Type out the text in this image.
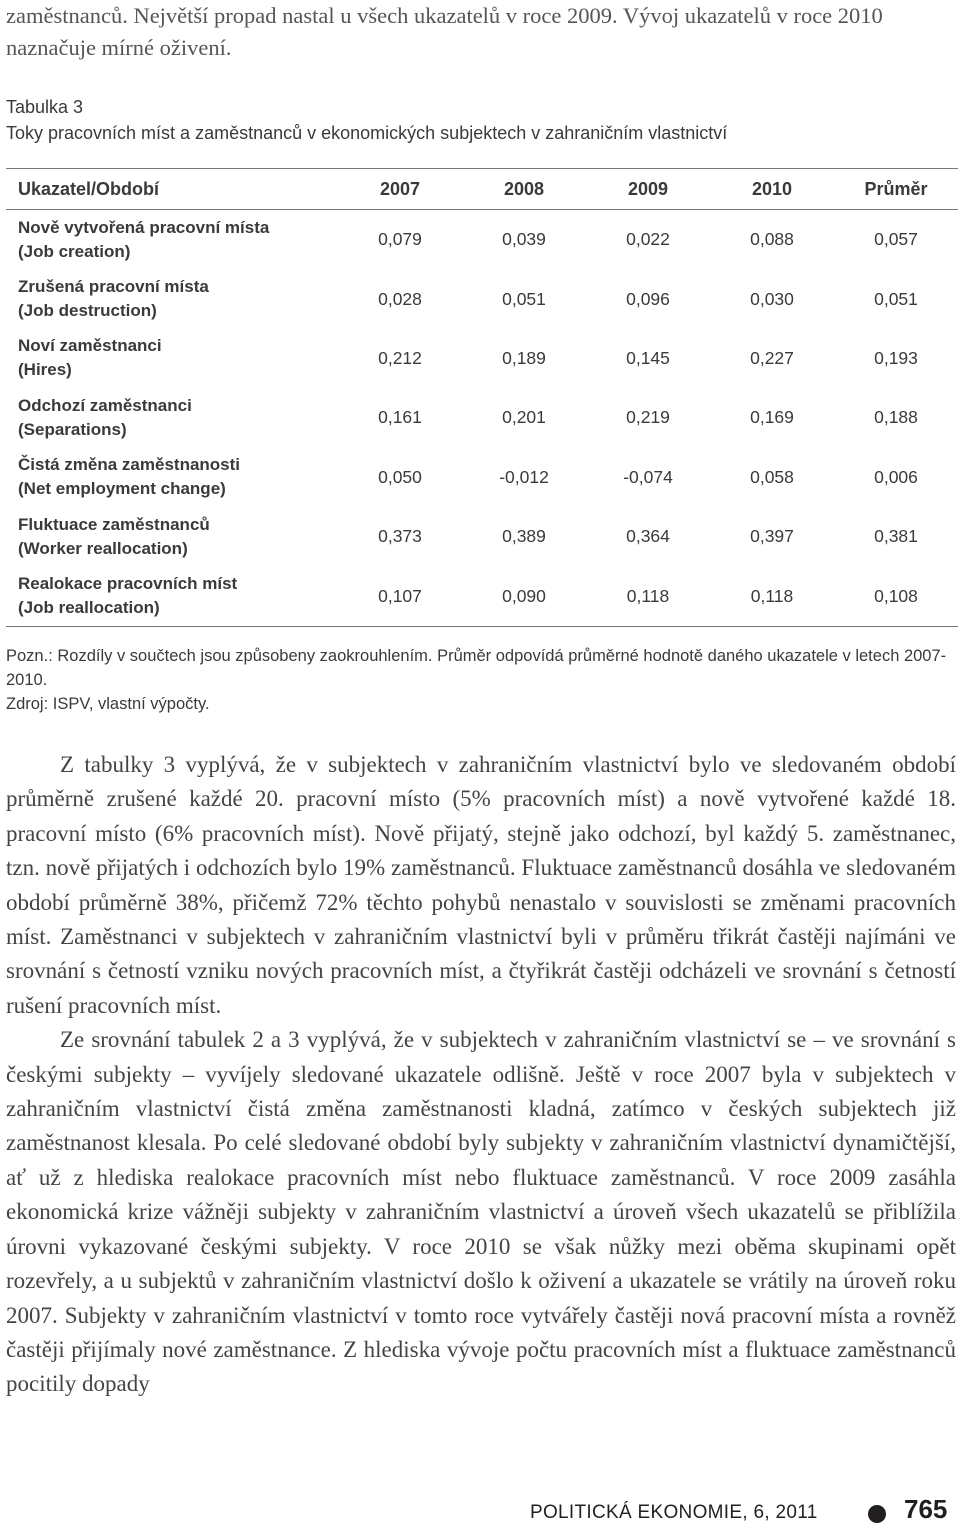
zaměstnanců. Největší propad nastal u všech ukazatelů v roce 2009. Vývoj ukazatelů v roce 2010 naznačuje mírné oživení.

Tabulka 3
Toky pracovních míst a zaměstnanců v ekonomických subjektech v zahraničním vlastnictví
Ukazatel/Období	2007	2008	2009	2010	Průměr

Nově vytvořená pracovní místa
(Job creation)	0,079	0,039	0,022	0,088	0,057

Zrušená pracovní místa
(Job destruction)	0,028	0,051	0,096	0,030	0,051

Noví zaměstnanci
(Hires)	0,212	0,189	0,145	0,227	0,193

Odchozí zaměstnanci
(Separations)	0,161	0,201	0,219	0,169	0,188

Čistá změna zaměstnanosti
(Net employment change)	0,050	-0,012	-0,074	0,058	0,006

Fluktuace zaměstnanců
(Worker reallocation)	0,373	0,389	0,364	0,397	0,381

Realokace pracovních míst
(Job reallocation)	0,107	0,090	0,118	0,118	0,108

Pozn.: Rozdíly v součtech jsou způsobeny zaokrouhlením. Průměr odpovídá průměrné hodnotě daného ukazatele v letech 2007-2010.

Zdroj: ISPV, vlastní výpočty.

Z tabulky 3 vyplývá, že v subjektech v zahraničním vlastnictví bylo ve sledovaném období průměrně zrušené každé 20. pracovní místo (5% pracovních míst) a nově vytvořené každé 18. pracovní místo (6% pracovních míst). Nově přijatý, stejně jako odchozí, byl každý 5. zaměstnanec, tzn. nově přijatých i odchozích bylo 19% zaměstnanců. Fluktuace zaměstnanců dosáhla ve sledovaném období průměrně 38%, přičemž 72% těchto pohybů nenastalo v souvislosti se změnami pracovních míst. Zaměstnanci v subjektech v zahraničním vlastnictví byli v průměru třikrát častěji najímáni ve srovnání s četností vzniku nových pracovních míst, a čtyřikrát častěji odcházeli ve srovnání s četností rušení pracovních míst.

Ze srovnání tabulek 2 a 3 vyplývá, že v subjektech v zahraničním vlastnictví se – ve srovnání s českými subjekty – vyvíjely sledované ukazatele odlišně. Ještě v roce 2007 byla v subjektech v zahraničním vlastnictví čistá změna zaměstnanosti kladná, zatímco v českých subjektech již zaměstnanost klesala. Po celé sledované období byly subjekty v zahraničním vlastnictví dynamičtější, ať už z hlediska realokace pracovních míst nebo fluktuace zaměstnanců. V roce 2009 zasáhla ekonomická krize vážněji subjekty v zahraničním vlastnictví a úroveň všech ukazatelů se přiblížila úrovni vykazované českými subjekty. V roce 2010 se však nůžky mezi oběma skupinami opět rozevřely, a u subjektů v zahraničním vlastnictví došlo k oživení a ukazatele se vrátily na úroveň roku 2007. Subjekty v zahraničním vlastnictví v tomto roce vytvářely častěji nová pracovní místa a rovněž častěji přijímaly nové zaměstnance. Z hlediska vývoje počtu pracovních míst a fluktuace zaměstnanců pocitily dopady

POLITICKÁ EKONOMIE, 6, 2011	765
